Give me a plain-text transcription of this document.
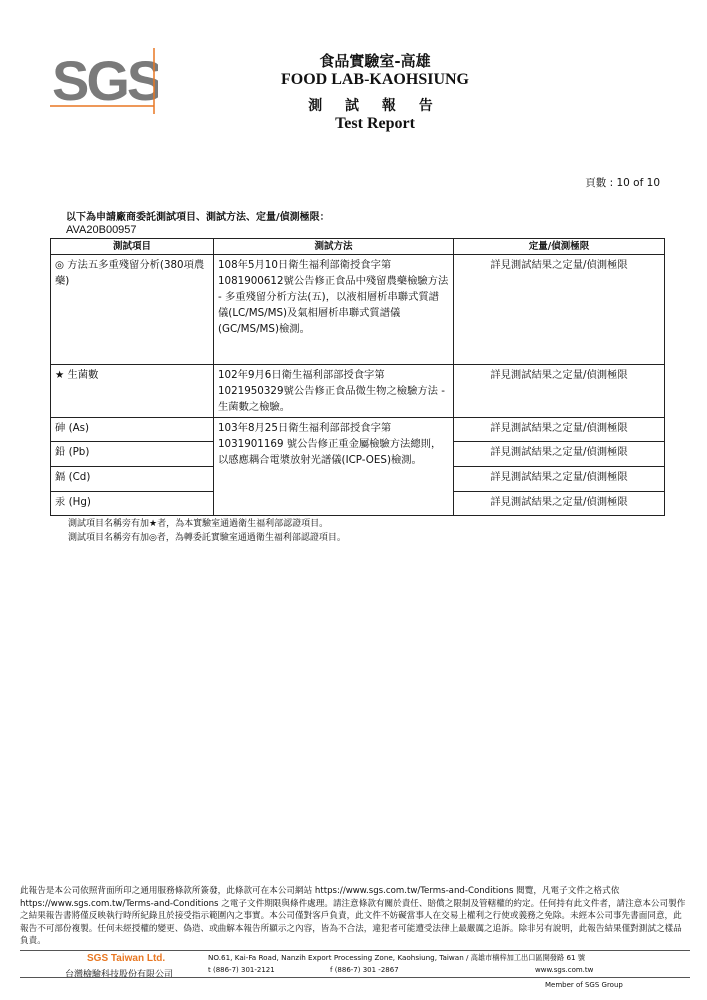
SGS	食品實驗室-高雄
FOOD LAB-KAOHSIUNG
測 試 報 告
Test Report
頁數 : 10 of 10
以下為申請廠商委託測試項目、測試方法、定量/偵測極限：
AVA20B00957
測試項目	測試方法	定量/偵測極限
◎ 方法五多重殘留分析(380項農藥)	108年5月10日衛生福利部衛授食字第1081900612號公告修正食品中殘留農藥檢驗方法 - 多重殘留分析方法(五)，以液相層析串聯式質譜儀(LC/MS/MS)及氣相層析串聯式質譜儀(GC/MS/MS)檢測。	詳見測試結果之定量/偵測極限
★ 生菌數	102年9月6日衛生福利部部授食字第1021950329號公告修正食品微生物之檢驗方法 - 生菌數之檢驗。	詳見測試結果之定量/偵測極限
砷 (As)	103年8月25日衛生福利部部授食字第1031901169 號公告修正重金屬檢驗方法總則，以感應耦合電漿放射光譜儀(ICP-OES)檢測。	詳見測試結果之定量/偵測極限
鉛 (Pb)		詳見測試結果之定量/偵測極限
鎘 (Cd)		詳見測試結果之定量/偵測極限
汞 (Hg)		詳見測試結果之定量/偵測極限
測試項目名稱旁有加★者，為本實驗室通過衛生福利部認證項目。
測試項目名稱旁有加◎者，為轉委託實驗室通過衛生福利部認證項目。
此報告是本公司依照背面所印之通用服務條款所簽發，此條款可在本公司網站 https://www.sgs.com.tw/Terms-and-Conditions 閱覽，凡電子文件之格式依https://www.sgs.com.tw/Terms-and-Conditions 之電子文件期限與條件處理。請注意條款有關於責任、賠償之限制及管轄權的約定。任何持有此文件者，請注意本公司製作之結果報告書將僅反映執行時所紀錄且於接受指示範圍內之事實。本公司僅對客戶負責，此文件不妨礙當事人在交易上權利之行使或義務之免除。未經本公司事先書面同意，此報告不可部份複製。任何未經授權的變更、偽造、或曲解本報告所顯示之內容，皆為不合法，違犯者可能遭受法律上最嚴厲之追訴。除非另有說明，此報告結果僅對測試之樣品負責。
SGS Taiwan Ltd.
台灣檢驗科技股份有限公司
NO.61, Kai-Fa Road, Nanzih Export Processing Zone, Kaohsiung, Taiwan / 高雄市楠梓加工出口區開發路 61 號
t (886-7) 301-2121	f (886-7) 301 -2867	www.sgs.com.tw
Member of SGS Group
